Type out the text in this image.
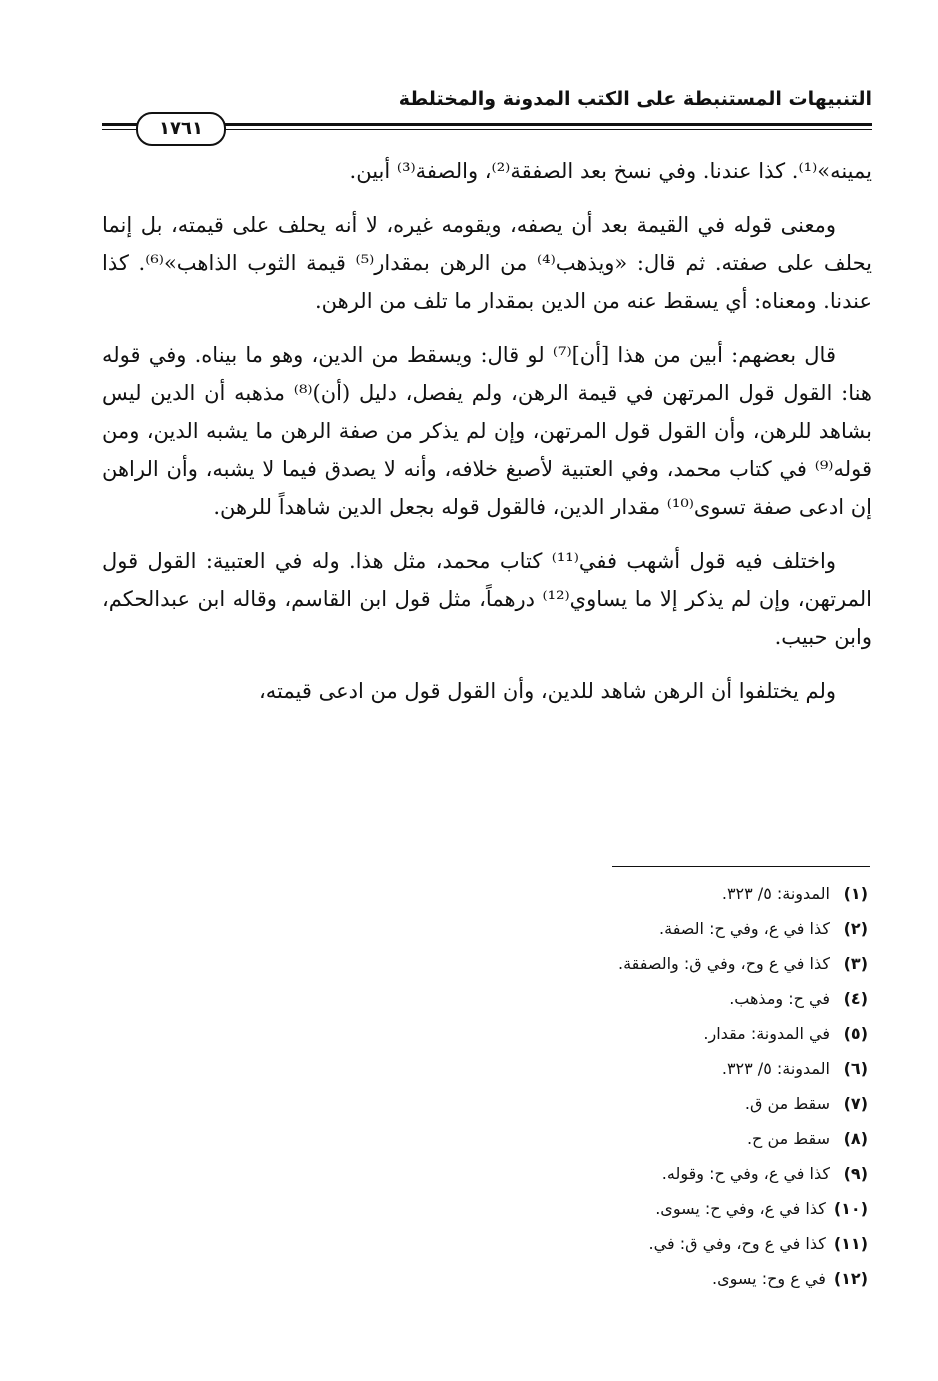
التنبيهات المستنبطة على الكتب المدونة والمختلطة
١٧٦١

يمينه»⁽¹⁾. كذا عندنا. وفي نسخ بعد الصفقة⁽²⁾، والصفة⁽³⁾ أبين.

ومعنى قوله في القيمة بعد أن يصفه، ويقومه غيره، لا أنه يحلف على قيمته، بل إنما يحلف على صفته. ثم قال: «ويذهب⁽⁴⁾ من الرهن بمقدار⁽⁵⁾ قيمة الثوب الذاهب»⁽⁶⁾. كذا عندنا. ومعناه: أي يسقط عنه من الدين بمقدار ما تلف من الرهن.

قال بعضهم: أبين من هذا [أن]⁽⁷⁾ لو قال: ويسقط من الدين، وهو ما بيناه. وفي قوله هنا: القول قول المرتهن في قيمة الرهن، ولم يفصل، دليل (أن)⁽⁸⁾ مذهبه أن الدين ليس بشاهد للرهن، وأن القول قول المرتهن، وإن لم يذكر من صفة الرهن ما يشبه الدين، ومن قوله⁽⁹⁾ في كتاب محمد، وفي العتبية لأصبغ خلافه، وأنه لا يصدق فيما لا يشبه، وأن الراهن إن ادعى صفة تسوى⁽¹⁰⁾ مقدار الدين، فالقول قوله بجعل الدين شاهداً للرهن.

واختلف فيه قول أشهب ففي⁽¹¹⁾ كتاب محمد، مثل هذا. وله في العتبية: القول قول المرتهن، وإن لم يذكر إلا ما يساوي⁽¹²⁾ درهماً، مثل قول ابن القاسم، وقاله ابن عبدالحكم، وابن حبيب.

ولم يختلفوا أن الرهن شاهد للدين، وأن القول قول من ادعى قيمته،

(١)المدونة: ٥/ ٣٢٣.
(٢)كذا في ع، وفي ح: الصفة.
(٣)كذا في ع وح، وفي ق: والصفقة.
(٤)في ح: ومذهب.
(٥)في المدونة: مقدار.
(٦)المدونة: ٥/ ٣٢٣.
(٧)سقط من ق.
(٨)سقط من ح.
(٩)كذا في ع، وفي ح: وقوله.
(١٠)كذا في ع، وفي ح: يسوى.
(١١)كذا في ع وح، وفي ق: في.
(١٢)في ع وح: يسوى.
